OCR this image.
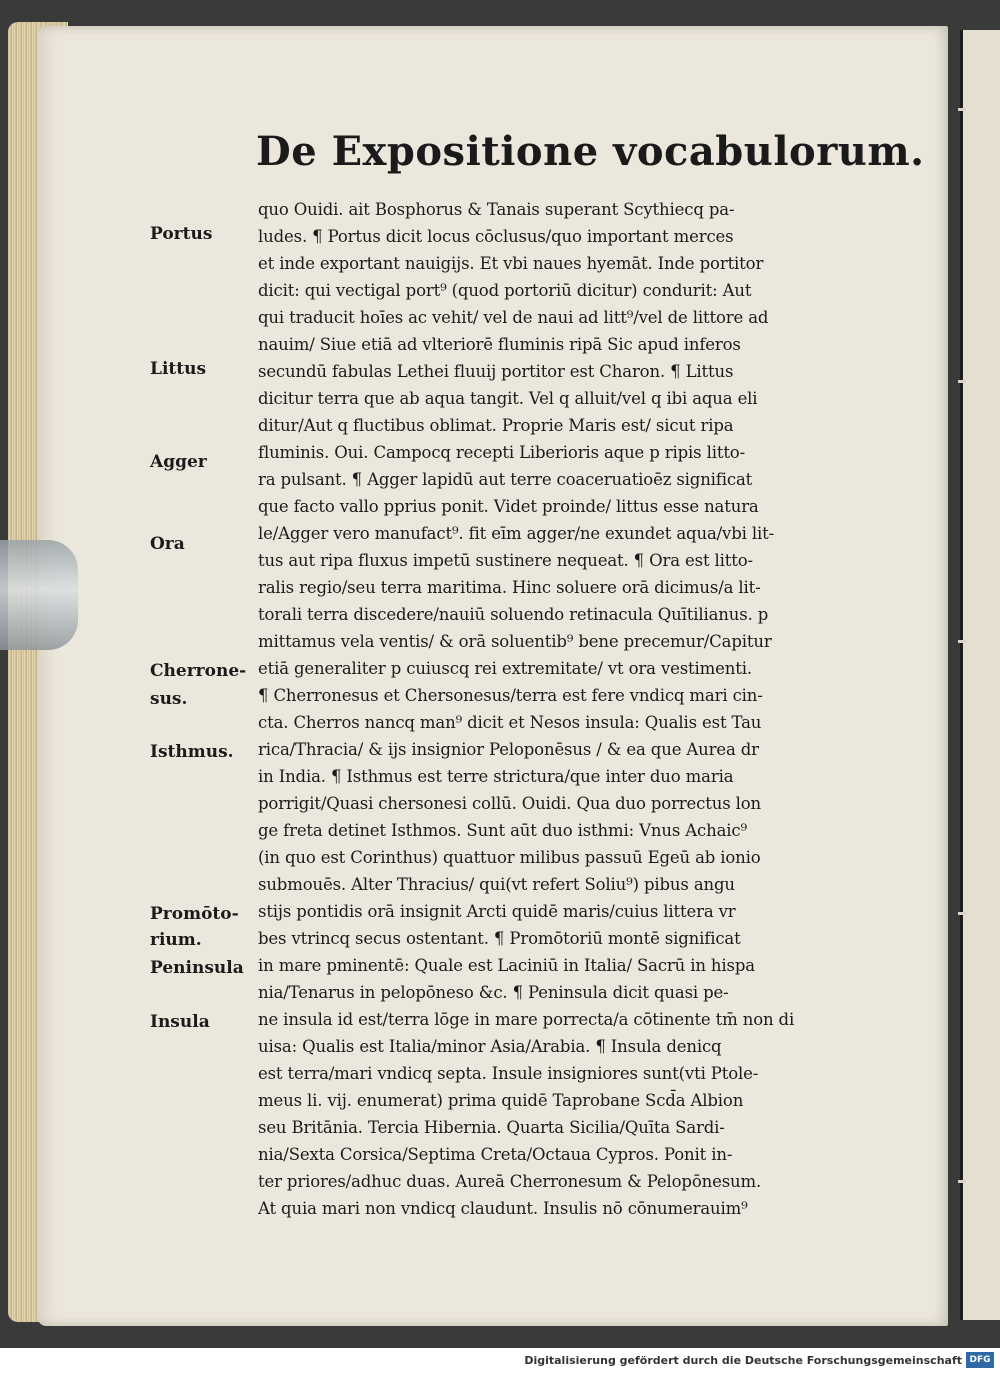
De Expositione vocabulorum.
Portus
Littus
Agger
Ora
Cherrone-
sus.
Isthmus.
Promōto-
rium.
Peninsula
Insula
quo Ouidi. ait Bosphorus & Tanais superant Scythiecq pa-
ludes. ¶ Portus dicit locus cōclusus/quo important merces
et inde exportant nauigijs. Et vbi naues hyemāt. Inde portitor
dicit: qui vectigal port⁹ (quod portoriū dicitur) condurit: Aut
qui traducit hoīes ac vehit/ vel de naui ad litt⁹/vel de littore ad
nauim/ Siue etiā ad vlteriorē fluminis ripā Sic apud inferos
secundū fabulas Lethei fluuij portitor est Charon. ¶ Littus
dicitur terra que ab aqua tangit. Vel q alluit/vel q ibi aqua eli
ditur/Aut q fluctibus oblimat. Proprie Maris est/ sicut ripa
fluminis. Oui. Campocq recepti Liberioris aque p ripis litto-
ra pulsant. ¶ Agger lapidū aut terre coaceruatioēz significat
que facto vallo pprius ponit. Videt proinde/ littus esse natura
le/Agger vero manufact⁹. fit eīm agger/ne exundet aqua/vbi lit-
tus aut ripa fluxus impetū sustinere nequeat. ¶ Ora est litto-
ralis regio/seu terra maritima. Hinc soluere orā dicimus/a lit-
torali terra discedere/nauiū soluendo retinacula Quītilianus. p
mittamus vela ventis/ & orā soluentib⁹ bene precemur/Capitur
etiā generaliter p cuiuscq rei extremitate/ vt ora vestimenti.
¶ Cherronesus et Chersonesus/terra est fere vndicq mari cin-
cta. Cherros nancq man⁹ dicit et Nesos insula: Qualis est Tau
rica/Thracia/ & ijs insignior Peloponēsus / & ea que Aurea dr
in India. ¶ Isthmus est terre strictura/que inter duo maria
porrigit/Quasi chersonesi collū. Ouidi. Qua duo porrectus lon
ge freta detinet Isthmos. Sunt aūt duo isthmi: Vnus Achaic⁹
(in quo est Corinthus) quattuor milibus passuū Egeū ab ionio
submouēs. Alter Thracius/ qui(vt refert Soliu⁹) pibus angu
stijs pontidis orā insignit Arcti quidē maris/cuius littera vr
bes vtrincq secus ostentant. ¶ Promōtoriū montē significat
in mare pminentē: Quale est Laciniū in Italia/ Sacrū in hispa
nia/Tenarus in pelopōneso &c. ¶ Peninsula dicit quasi pe-
ne insula id est/terra lōge in mare porrecta/a cōtinente tm̄ non di
uisa: Qualis est Italia/minor Asia/Arabia. ¶ Insula denicq
est terra/mari vndicq septa. Insule insigniores sunt(vti Ptole-
meus li. vij. enumerat) prima quidē Taprobane Scd̄a Albion
seu Britānia. Tercia Hibernia. Quarta Sicilia/Quīta Sardi-
nia/Sexta Corsica/Septima Creta/Octaua Cypros. Ponit in-
ter priores/adhuc duas. Aureā Cherronesum & Pelopōnesum.
At quia mari non vndicq claudunt. Insulis nō cōnumerauim⁹
Digitalisierung gefördert durch die Deutsche Forschungsgemeinschaft DFG
